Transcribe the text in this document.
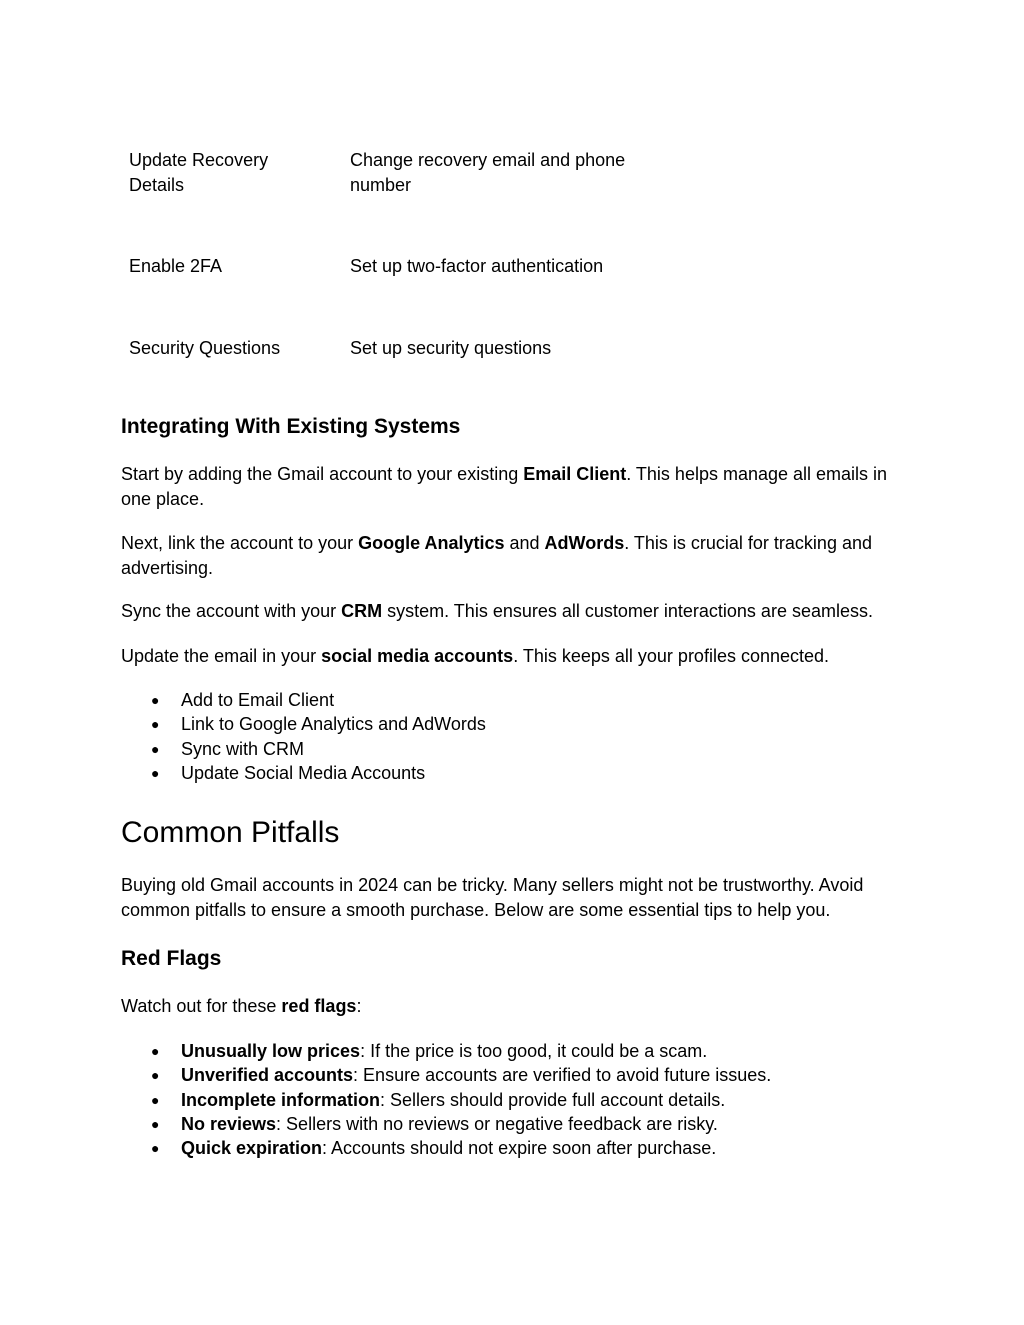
Update Recovery
Details
Change recovery email and phone
number
Enable 2FA	Set up two-factor authentication
Security Questions	Set up security questions
Integrating With Existing Systems
Start by adding the Gmail account to your existing Email Client. This helps manage all emails in
one place.
Next, link the account to your Google Analytics and AdWords. This is crucial for tracking and
advertising.
Sync the account with your CRM system. This ensures all customer interactions are seamless.
Update the email in your social media accounts. This keeps all your profiles connected.
● Add to Email Client
● Link to Google Analytics and AdWords
● Sync with CRM
● Update Social Media Accounts
Common Pitfalls
Buying old Gmail accounts in 2024 can be tricky. Many sellers might not be trustworthy. Avoid
common pitfalls to ensure a smooth purchase. Below are some essential tips to help you.
Red Flags
Watch out for these red flags:
● Unusually low prices: If the price is too good, it could be a scam.
● Unverified accounts: Ensure accounts are verified to avoid future issues.
● Incomplete information: Sellers should provide full account details.
● No reviews: Sellers with no reviews or negative feedback are risky.
● Quick expiration: Accounts should not expire soon after purchase.
